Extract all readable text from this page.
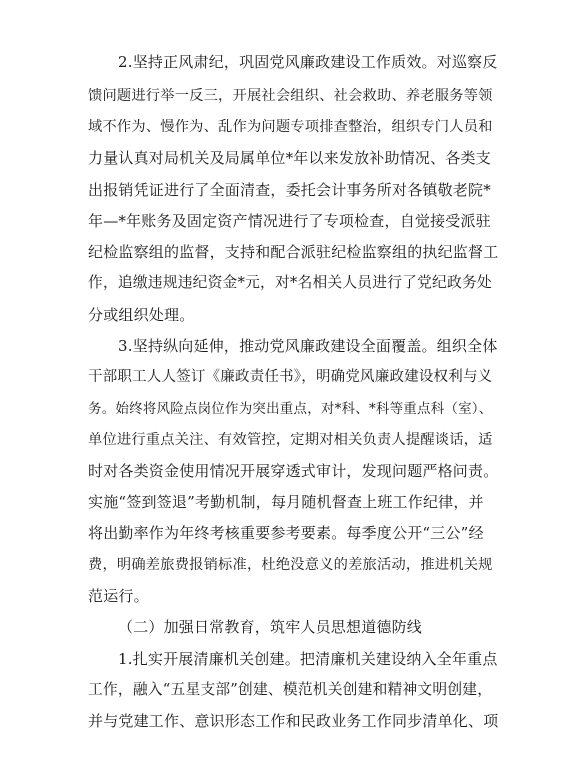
2.坚持正风肃纪，巩固党风廉政建设工作质效。对巡察反
馈问题进行举一反三，开展社会组织、社会救助、养老服务等领
域不作为、慢作为、乱作为问题专项排查整治，组织专门人员和
力量认真对局机关及局属单位*年以来发放补助情况、各类支
出报销凭证进行了全面清查，委托会计事务所对各镇敬老院*
年—*年账务及固定资产情况进行了专项检查，自觉接受派驻
纪检监察组的监督，支持和配合派驻纪检监察组的执纪监督工
作，追缴违规违纪资金*元，对*名相关人员进行了党纪政务处
分或组织处理。
3.坚持纵向延伸，推动党风廉政建设全面覆盖。组织全体
干部职工人人签订《廉政责任书》，明确党风廉政建设权利与义
务。始终将风险点岗位作为突出重点，对*科、*科等重点科（室）、
单位进行重点关注、有效管控，定期对相关负责人提醒谈话，适
时对各类资金使用情况开展穿透式审计，发现问题严格问责。
实施“签到签退”考勤机制，每月随机督查上班工作纪律，并
将出勤率作为年终考核重要参考要素。每季度公开“三公”经
费，明确差旅费报销标准，杜绝没意义的差旅活动，推进机关规
范运行。
（二）加强日常教育，筑牢人员思想道德防线
1.扎实开展清廉机关创建。把清廉机关建设纳入全年重点
工作，融入“五星支部”创建、模范机关创建和精神文明创建，
并与党建工作、意识形态工作和民政业务工作同步清单化、项
